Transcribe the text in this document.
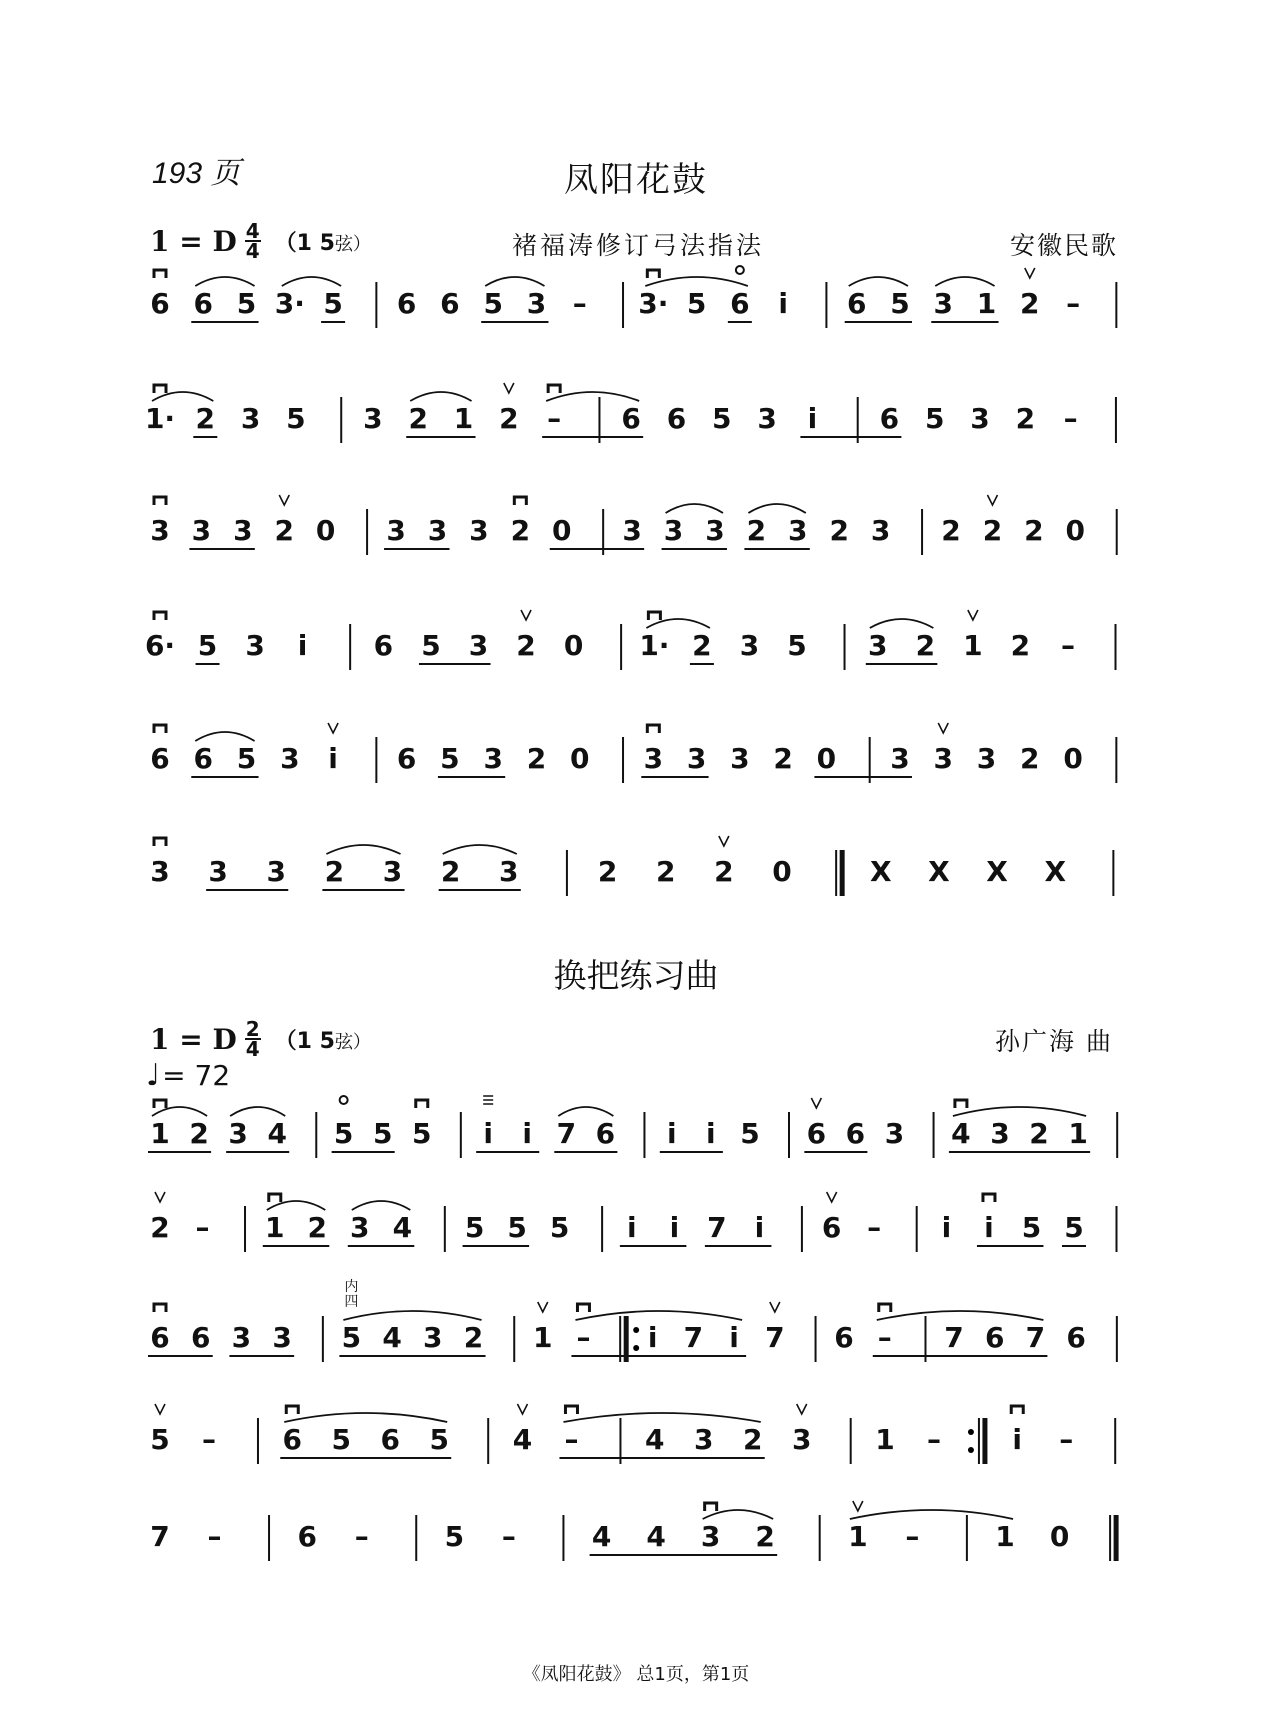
193 页	凤阳花鼓
1 = D $\frac{4}{4} (1$ 5弦）	褚福涛修订弓法指法	安徽民歌
6 6 5 3· 5 6 6 5 3 – 3· 5 6 i 6 5 3 1 2 –
1· 2 3 5 3 2 1 2 – 6 6 5 3 i 6 5 3 2 –
3 3 3 2 0 3 3 3 2 0 3 3 3 2 3 2 3 2 2 2 0
6· 5 3 i 6 5 3 2 0 1· 2 3 5 3 2 1 2 –
6 6 5 3 i 6 5 3 2 0 3 3 3 2 0 3 3 3 2 0
3 3 3 2 3 2 3	2 2 2 0	X X X X
换把练习曲
1 = D $\frac{2}{4} (1$ 5弦）
♩ = 72
孙广海 曲
1 2 3 4 5 5 5 i i 7 6 i i 5 6 6 3 4 3 2 1
2 – 1 2 3 4 5 5 5 i i 7 i 6 – i i 5 5
6 6 3 3 5 4 3 2 1 – i 7 i 7 6 – 7 6 7 6
内
四
5 – 6 5 6 5 4 – 4 3 2 3 1 –	i –
7 –	6 –	5 –	4 4 3 2	1 –	1 0
《凤阳花鼓》 总1页，第1页
